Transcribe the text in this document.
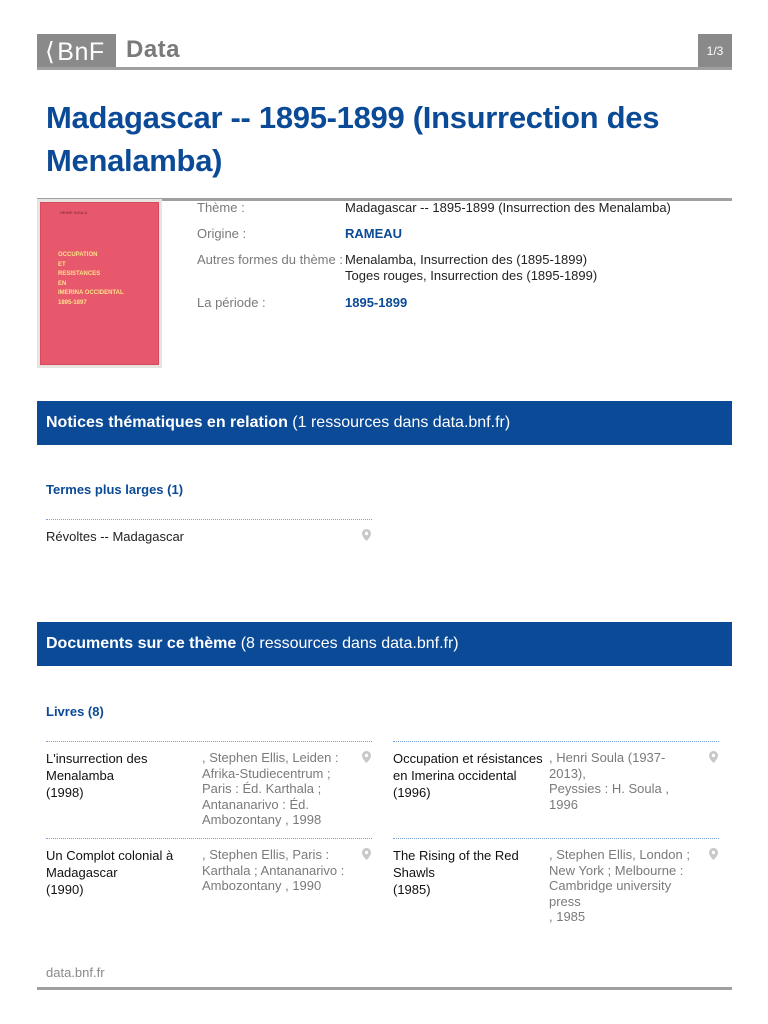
⟨BnF Data	1/3
Madagascar -- 1895-1899 (Insurrection des
Menalamba)
HENRI SOULA
OCCUPATION
ET
RESISTANCES
EN
IMERINA OCCIDENTAL
1895-1897
Thème :	Madagascar -- 1895-1899 (Insurrection des Menalamba)
Origine :	RAMEAU
Autres formes du thème : Menalamba, Insurrection des (1895-1899)
Toges rouges, Insurrection des (1895-1899)
La période :	1895-1899
Notices thématiques en relation (1 ressources dans data.bnf.fr)
Termes plus larges (1)
Révoltes -- Madagascar
Documents sur ce thème (8 ressources dans data.bnf.fr)
Livres (8)
L'insurrection des
Menalamba
(1998)
, Stephen Ellis, Leiden :
Afrika-Studiecentrum ;
Paris : Éd. Karthala ;
Antananarivo : Éd.
Ambozontany , 1998
Occupation et résistances
en Imerina occidental
(1996)
, Henri Soula (1937-2013),
Peyssies : H. Soula , 1996
Un Complot colonial à
Madagascar
(1990)
, Stephen Ellis, Paris :
Karthala ; Antananarivo :
Ambozontany , 1990
The Rising of the Red
Shawls
(1985)
, Stephen Ellis, London ;
New York ; Melbourne :
Cambridge university press
, 1985
data.bnf.fr
